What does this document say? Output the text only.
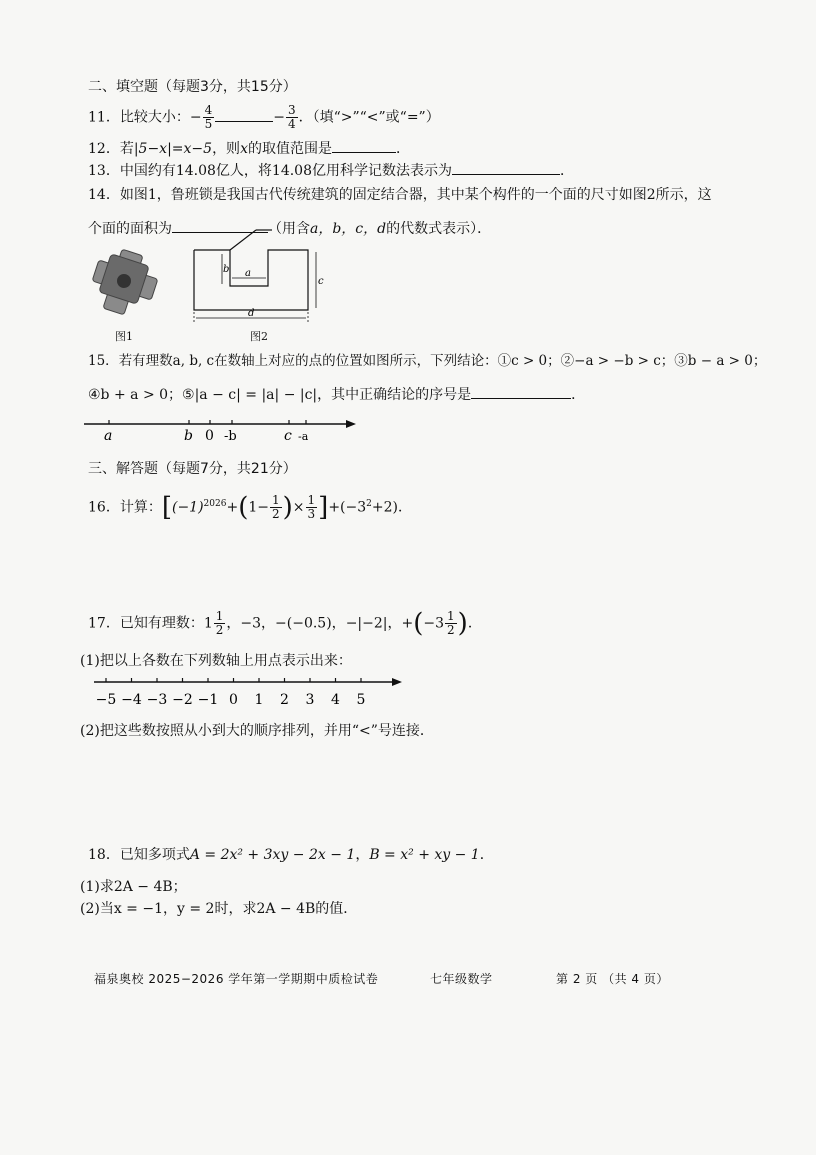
二、填空题（每题3分，共15分）
11．比较大小：− $\frac{4}{5}$	− $\frac{3}{4}$ ．（填“>”“<”或“=”）
12．若|5−x|=x−5，则x的取值范围是	．
13．中国约有14.08亿人，将14.08亿用科学记数法表示为	．
14．如图1，鲁班锁是我国古代传统建筑的固定结合器，其中某个构件的一个面的尺寸如图2所示，这
个面的面积为	（用含a，b，c，d的代数式表示）．
图1
b a
c
d
图2
15．若有理数a, b, c在数轴上对应的点的位置如图所示，下列结论：①c > 0；②−a > −b > c；③b − a > 0；
④b + a > 0；⑤|a − c| = |a| − |c|，其中正确结论的序号是	．
a	b 0 -b	c -a
三、解答题（每题7分，共21分）
16．计算：[$(-1)^{2026}+(1- \frac{1}{2}$ )× $\frac{1}{3} ]+(-3^2+2)$．
17．已知有理数：$1 \frac{1}{2}$ ，−3，−(−0.5)，−|−2|，$+(-3 \frac{1}{2}$ )．
(1)把以上各数在下列数轴上用点表示出来：
−5 −4 −3 −2 −1 0 1 2 3 4 5
(2)把这些数按照从小到大的顺序排列，并用“<”号连接．
18．已知多项式A = 2x² + 3xy − 2x − 1，B = x² + xy − 1．
(1)求2A − 4B；
(2)当x = −1，y = 2时，求2A − 4B的值．
福泉奥校 2025−2026 学年第一学期期中质检试卷	七年级数学	第 2 页 （共 4 页）
